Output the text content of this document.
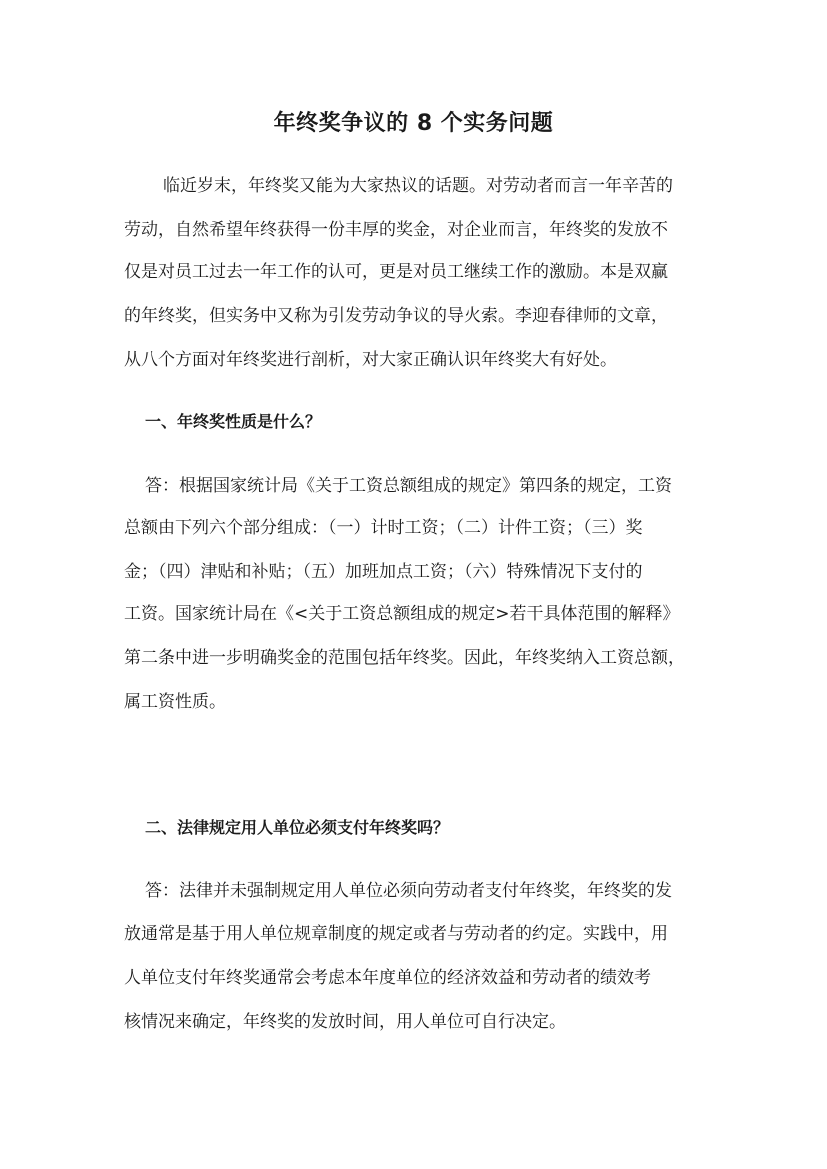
年终奖争议的 8 个实务问题
临近岁末，年终奖又能为大家热议的话题。对劳动者而言一年辛苦的
劳动，自然希望年终获得一份丰厚的奖金，对企业而言，年终奖的发放不
仅是对员工过去一年工作的认可，更是对员工继续工作的激励。本是双赢
的年终奖，但实务中又称为引发劳动争议的导火索。李迎春律师的文章，
从八个方面对年终奖进行剖析，对大家正确认识年终奖大有好处。
一、年终奖性质是什么？
答：根据国家统计局《关于工资总额组成的规定》第四条的规定，工资
总额由下列六个部分组成：（一）计时工资；（二）计件工资；（三）奖
金；（四）津贴和补贴；（五）加班加点工资；（六）特殊情况下支付的
工资。国家统计局在《<关于工资总额组成的规定>若干具体范围的解释》
第二条中进一步明确奖金的范围包括年终奖。因此，年终奖纳入工资总额，
属工资性质。
二、法律规定用人单位必须支付年终奖吗？
答：法律并未强制规定用人单位必须向劳动者支付年终奖，年终奖的发
放通常是基于用人单位规章制度的规定或者与劳动者的约定。实践中，用
人单位支付年终奖通常会考虑本年度单位的经济效益和劳动者的绩效考
核情况来确定，年终奖的发放时间，用人单位可自行决定。
